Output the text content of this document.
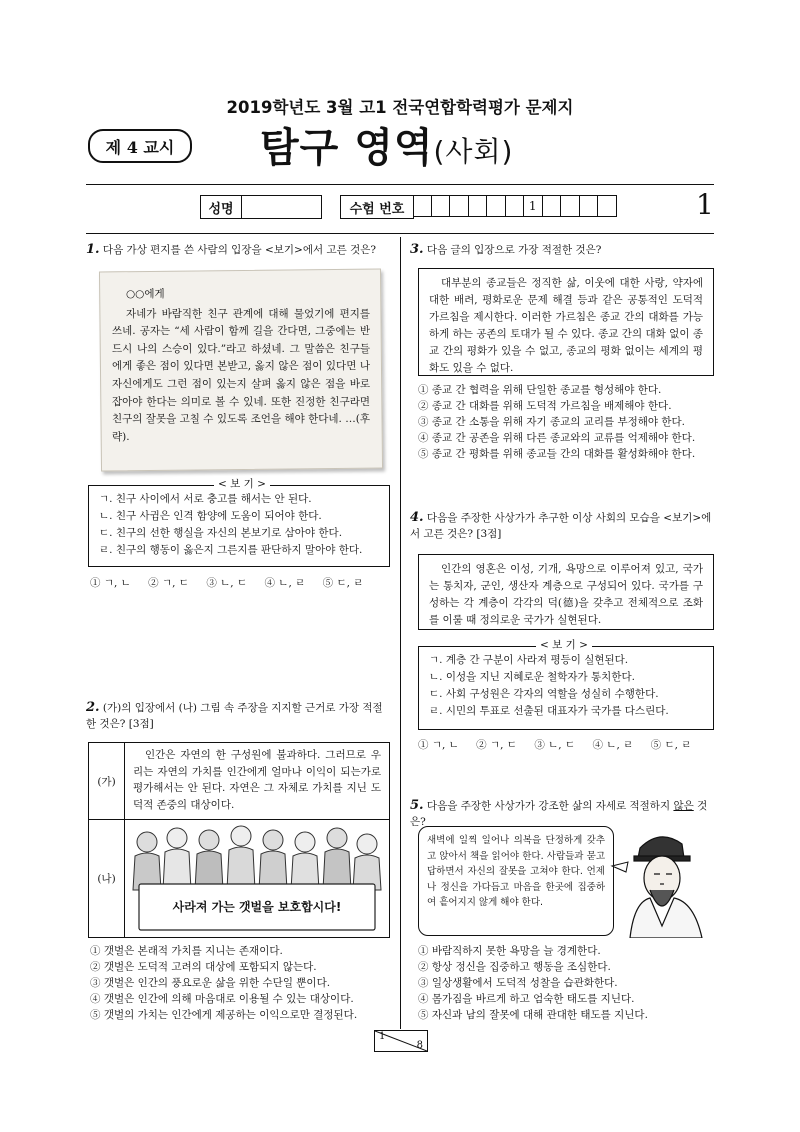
2019학년도 3월 고1 전국연합학력평가 문제지
제 4 교시	탐구 영역(사회)
성명	수험 번호	1	1
1. 다음 가상 편지를 쓴 사람의 입장을 <보기>에서 고른 것은?
○○에게
자네가 바람직한 친구 관계에 대해 물었기에 편지를 쓰네. 공자는 “세 사람이 함께 길을 간다면, 그중에는 반드시 나의 스승이 있다.”라고 하셨네. 그 말씀은 친구들에게 좋은 점이 있다면 본받고, 옳지 않은 점이 있다면 나 자신에게도 그런 점이 있는지 살펴 옳지 않은 점을 바로잡아야 한다는 의미로 볼 수 있네. 또한 진정한 친구라면 친구의 잘못을 고칠 수 있도록 조언을 해야 한다네. …(후략).
ㄱ. 친구 사이에서 서로 충고를 해서는 안 된다.
ㄴ. 친구 사귐은 인격 함양에 도움이 되어야 한다.
ㄷ. 친구의 선한 행실을 자신의 본보기로 삼아야 한다.
ㄹ. 친구의 행동이 옳은지 그른지를 판단하지 말아야 한다.
< 보 기 >
① ㄱ, ㄴ ② ㄱ, ㄷ ③ ㄴ, ㄷ ④ ㄴ, ㄹ ⑤ ㄷ, ㄹ
2. (가)의 입장에서 (나) 그림 속 주장을 지지할 근거로 가장 적절한 것은? [3점]
(가)
인간은 자연의 한 구성원에 불과하다. 그러므로 우리는 자연의 가치를 인간에게 얼마나 이익이 되는가로 평가해서는 안 된다. 자연은 그 자체로 가치를 지닌 도덕적 존중의 대상이다.
(나)
사라져 가는 갯벌을 보호합시다!
① 갯벌은 본래적 가치를 지니는 존재이다.
② 갯벌은 도덕적 고려의 대상에 포함되지 않는다.
③ 갯벌은 인간의 풍요로운 삶을 위한 수단일 뿐이다.
④ 갯벌은 인간에 의해 마음대로 이용될 수 있는 대상이다.
⑤ 갯벌의 가치는 인간에게 제공하는 이익으로만 결정된다.
3. 다음 글의 입장으로 가장 적절한 것은?
대부분의 종교들은 정직한 삶, 이웃에 대한 사랑, 약자에 대한 배려, 평화로운 문제 해결 등과 같은 공통적인 도덕적 가르침을 제시한다. 이러한 가르침은 종교 간의 대화를 가능하게 하는 공존의 토대가 될 수 있다. 종교 간의 대화 없이 종교 간의 평화가 있을 수 없고, 종교의 평화 없이는 세계의 평화도 있을 수 없다.
① 종교 간 협력을 위해 단일한 종교를 형성해야 한다.
② 종교 간 대화를 위해 도덕적 가르침을 배제해야 한다.
③ 종교 간 소통을 위해 자기 종교의 교리를 부정해야 한다.
④ 종교 간 공존을 위해 다른 종교와의 교류를 억제해야 한다.
⑤ 종교 간 평화를 위해 종교들 간의 대화를 활성화해야 한다.
4. 다음을 주장한 사상가가 추구한 이상 사회의 모습을 <보기>에서 고른 것은? [3점]
인간의 영혼은 이성, 기개, 욕망으로 이루어져 있고, 국가는 통치자, 군인, 생산자 계층으로 구성되어 있다. 국가를 구성하는 각 계층이 각각의 덕(德)을 갖추고 전체적으로 조화를 이룰 때 정의로운 국가가 실현된다.
ㄱ. 계층 간 구분이 사라져 평등이 실현된다.
ㄴ. 이성을 지닌 지혜로운 철학자가 통치한다.
ㄷ. 사회 구성원은 각자의 역할을 성실히 수행한다.
ㄹ. 시민의 투표로 선출된 대표자가 국가를 다스린다.
< 보 기 >
① ㄱ, ㄴ ② ㄱ, ㄷ ③ ㄴ, ㄷ ④ ㄴ, ㄹ ⑤ ㄷ, ㄹ
5. 다음을 주장한 사상가가 강조한 삶의 자세로 적절하지 않은 것은?
새벽에 일찍 일어나 의복을 단정하게 갖추고 앉아서 책을 읽어야 한다. 사람들과 묻고 답하면서 자신의 잘못을 고쳐야 한다. 언제나 정신을 가다듬고 마음을 한곳에 집중하여 흩어지지 않게 해야 한다.
① 바람직하지 못한 욕망을 늘 경계한다.
② 항상 정신을 집중하고 행동을 조심한다.
③ 일상생활에서 도덕적 성찰을 습관화한다.
④ 몸가짐을 바르게 하고 엄숙한 태도를 지닌다.
⑤ 자신과 남의 잘못에 대해 관대한 태도를 지닌다.
1
8
